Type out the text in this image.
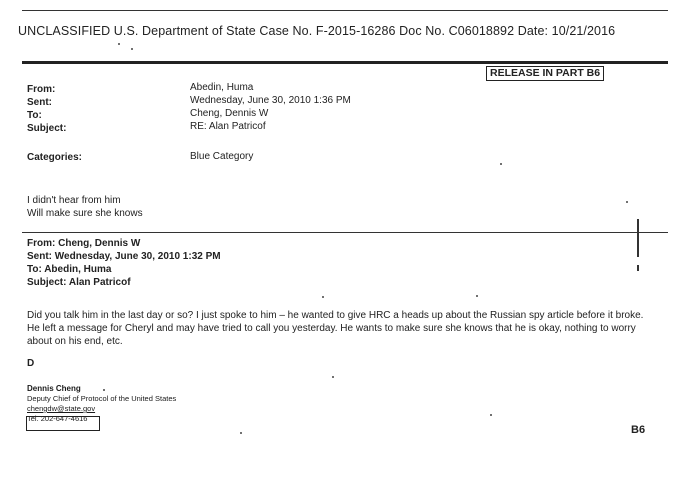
UNCLASSIFIED U.S. Department of State Case No. F-2015-16286 Doc No. C06018892 Date: 10/21/2016
RELEASE IN PART B6
From:	Abedin, Huma
Sent:	Wednesday, June 30, 2010 1:36 PM
To:	Cheng, Dennis W
Subject:	RE: Alan Patricof
Categories:	Blue Category
I didn't hear from him
Will make sure she knows
From: Cheng, Dennis W
Sent: Wednesday, June 30, 2010 1:32 PM
To: Abedin, Huma
Subject: Alan Patricof
Did you talk him in the last day or so? I just spoke to him – he wanted to give HRC a heads up about the Russian spy article before it broke. He left a message for Cheryl and may have tried to call you yesterday. He wants to make sure she knows that he is okay, nothing to worry about on his end, etc.
D
Dennis Cheng
Deputy Chief of Protocol of the United States
chengdw@state.gov
Tel. 202-647-4616
B6
